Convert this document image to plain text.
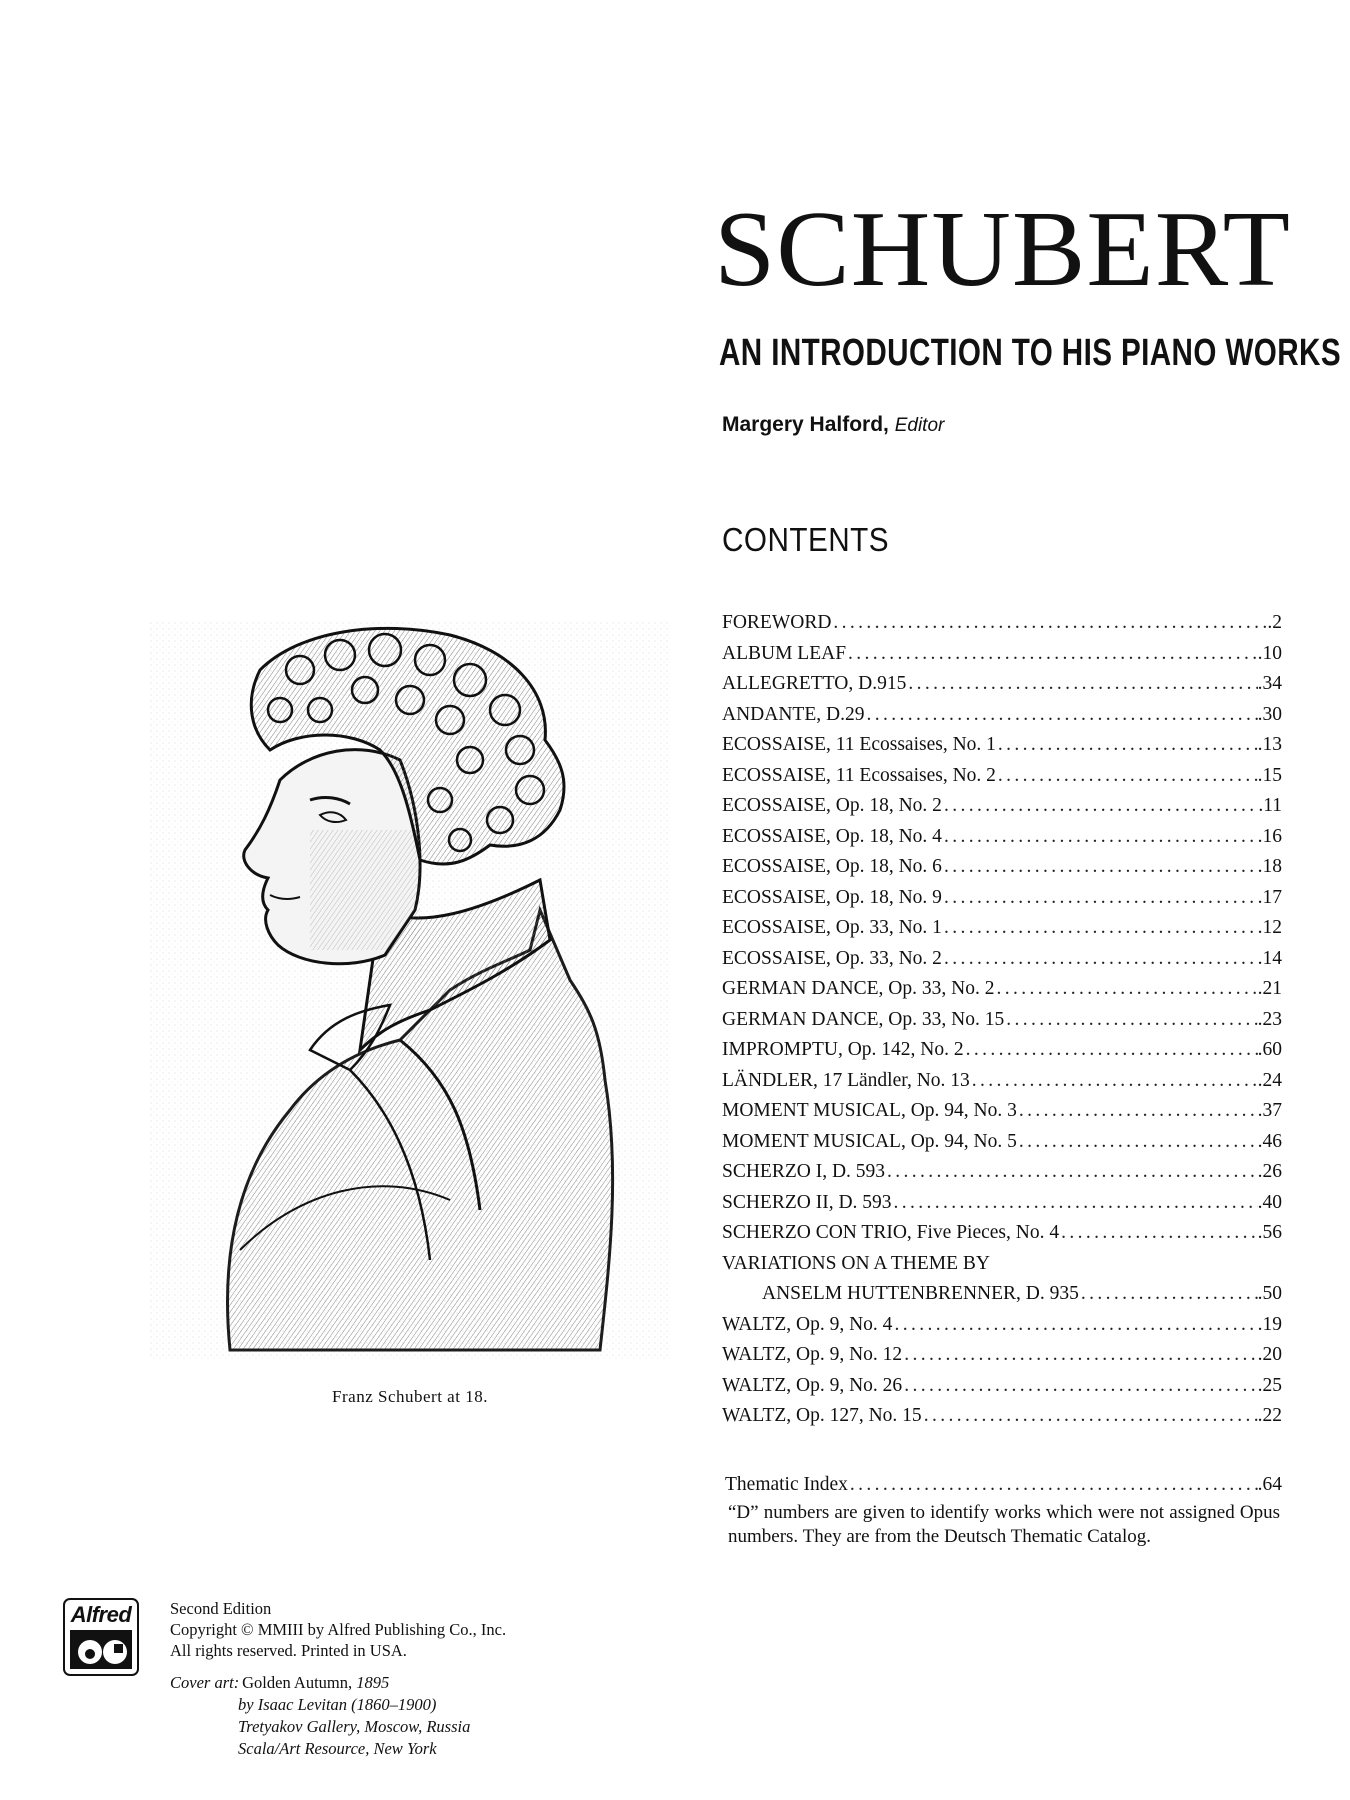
SCHUBERT
AN INTRODUCTION TO HIS PIANO WORKS
Margery Halford, Editor
CONTENTS
FOREWORD . . .	.2
ALBUM LEAF . . .	.10
ALLEGRETTO, D.915 . . .	.34
ANDANTE, D.29 . . .	.30
ECOSSAISE, 11 Ecossaises, No. 1 . . .	.13
ECOSSAISE, 11 Ecossaises, No. 2 . . .	.15
ECOSSAISE, Op. 18, No. 2 . . .	.11
ECOSSAISE, Op. 18, No. 4 . . .	.16
ECOSSAISE, Op. 18, No. 6 . . .	.18
ECOSSAISE, Op. 18, No. 9 . . .	.17
ECOSSAISE, Op. 33, No. 1 . . .	.12
ECOSSAISE, Op. 33, No. 2 . . .	.14
GERMAN DANCE, Op. 33, No. 2 . . .	.21
GERMAN DANCE, Op. 33, No. 15 . . .	.23
IMPROMPTU, Op. 142, No. 2 . . .	.60
LÄNDLER, 17 Ländler, No. 13 . . .	.24
MOMENT MUSICAL, Op. 94, No. 3 . . .	.37
MOMENT MUSICAL, Op. 94, No. 5 . . .	.46
SCHERZO I, D. 593 . . .	.26
SCHERZO II, D. 593 . . .	.40
SCHERZO CON TRIO, Five Pieces, No. 4 . . .	.56
VARIATIONS ON A THEME BY
ANSELM HUTTENBRENNER, D. 935 . . .	.50
WALTZ, Op. 9, No. 4 . . .	.19
WALTZ, Op. 9, No. 12 . . .	.20
WALTZ, Op. 9, No. 26 . . .	.25
WALTZ, Op. 127, No. 15 . . .	.22
Thematic Index . . .	.64
“D” numbers are given to identify works which were not assigned Opus numbers. They are from the Deutsch Thematic Catalog.
Franz Schubert at 18.
Alfred	Second Edition
Copyright © MMIII by Alfred Publishing Co., Inc.
All rights reserved. Printed in USA.
Cover art: Golden Autumn, 1895
by Isaac Levitan (1860–1900)
Tretyakov Gallery, Moscow, Russia
Scala/Art Resource, New York
